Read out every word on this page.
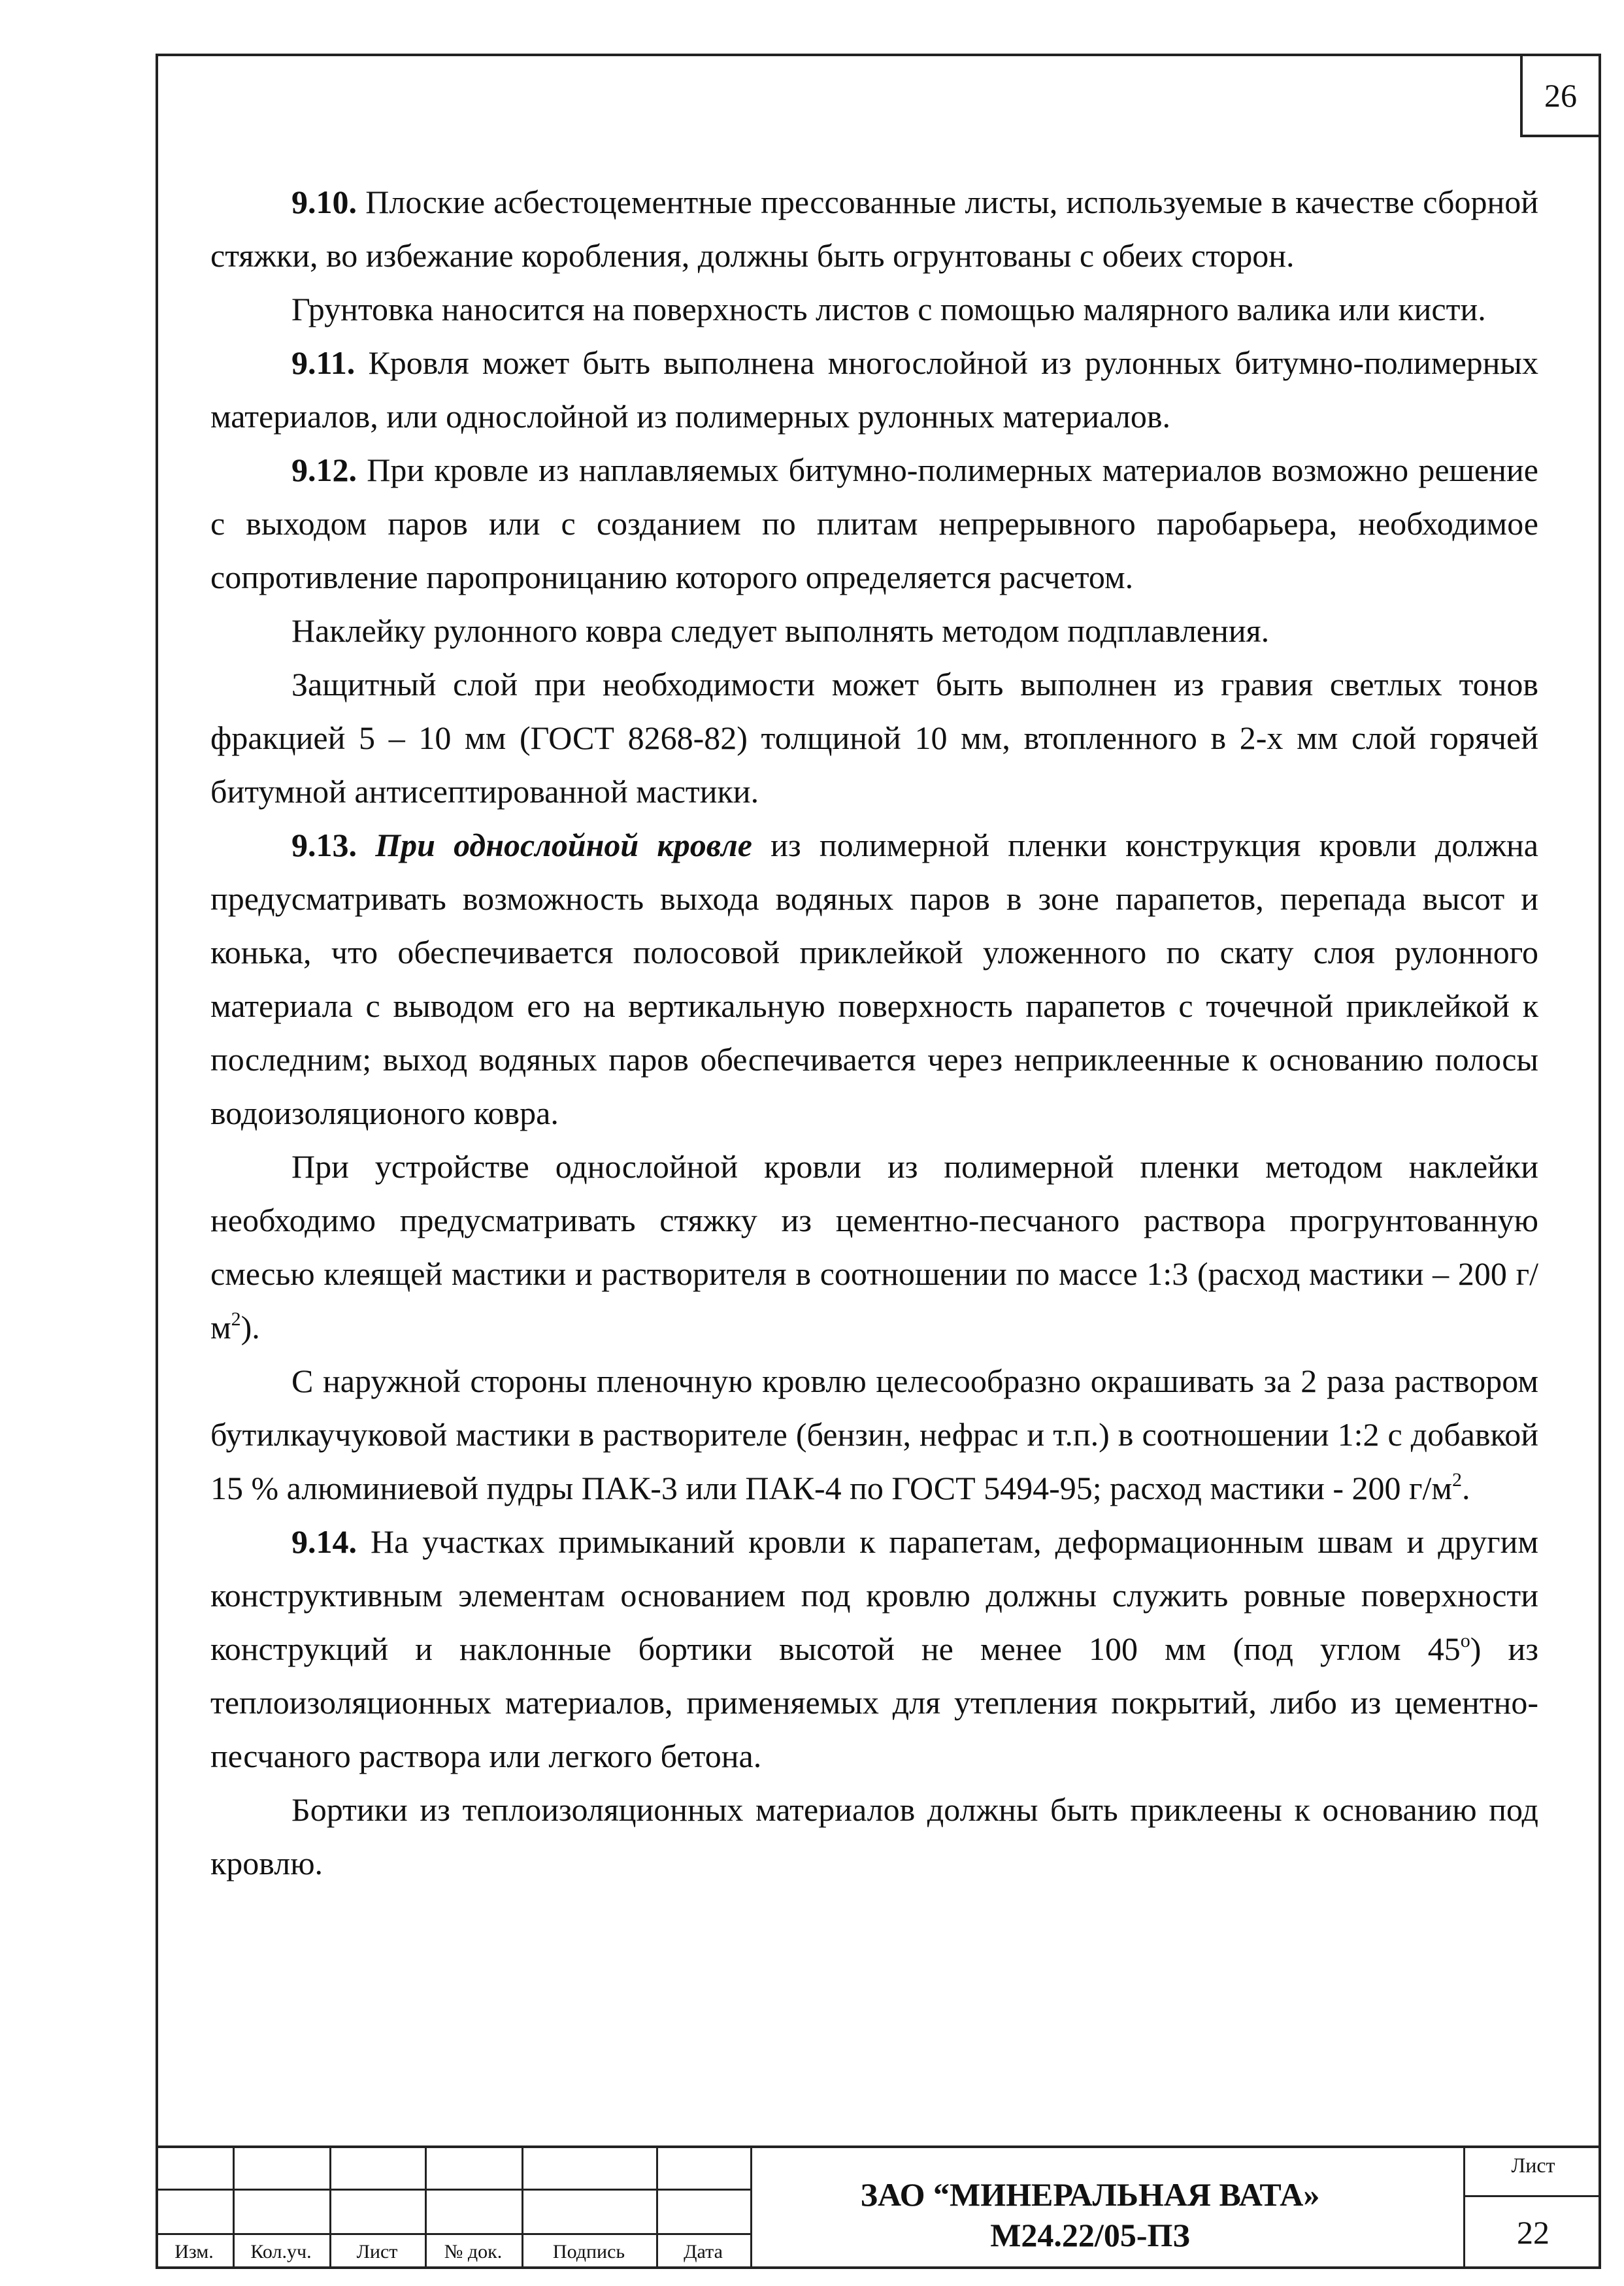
26

9.10. Плоские асбестоцементные прессованные листы, используемые в качестве сборной стяжки, во избежание коробления, должны быть огрунтованы с обеих сторон.

Грунтовка наносится на поверхность листов с помощью малярного валика или кисти.

9.11. Кровля может быть выполнена многослойной из рулонных битумно-полимерных материалов, или однослойной из полимерных рулонных материалов.

9.12. При кровле из наплавляемых битумно-полимерных материалов возможно решение с выходом паров или с созданием по плитам непрерывного паробарьера, необходимое сопротивление паропроницанию которого определяется расчетом.

Наклейку рулонного ковра следует выполнять методом подплавления.

Защитный слой при необходимости может быть выполнен из гравия светлых тонов фракцией 5 – 10 мм (ГОСТ 8268-82) толщиной 10 мм, втопленного в 2-х мм слой горячей битумной антисептированной мастики.

9.13. При однослойной кровле из полимерной пленки конструкция кровли должна предусматривать возможность выхода водяных паров в зоне парапетов, перепада высот и конька, что обеспечивается полосовой приклейкой уложенного по скату слоя рулонного материала с выводом его на вертикальную поверхность парапетов с точечной приклейкой к последним; выход водяных паров обеспечивается через неприклеенные к основанию полосы водоизоляционого ковра.

При устройстве однослойной кровли из полимерной пленки методом наклейки необходимо предусматривать стяжку из цементно-песчаного раствора прогрунтованную смесью клеящей мастики и растворителя в соотношении по массе 1:3 (расход мастики – 200 $г/м^2$).

С наружной стороны пленочную кровлю целесообразно окрашивать за 2 раза раствором бутилкаучуковой мастики в растворителе (бензин, нефрас и т.п.) в соотношении 1:2 с добавкой 15 % алюминиевой пудры ПАК-3 или ПАК-4 по ГОСТ 5494-95; расход мастики - 200 $г/м^2$.

9.14. На участках примыканий кровли к парапетам, деформационным швам и другим конструктивным элементам основанием под кровлю должны служить ровные поверхности конструкций и наклонные бортики высотой не менее 100 мм (под углом $45^о$) из теплоизоляционных материалов, применяемых для утепления покрытий, либо из цементно-песчаного раствора или легкого бетона.

Бортики из теплоизоляционных материалов должны быть приклеены к основанию под кровлю.

Изм.	Кол.уч.	Лист	№ док.	Подпись	Дата
ЗАО “МИНЕРАЛЬНАЯ ВАТА»
М24.22/05-ПЗ
Лист
22
